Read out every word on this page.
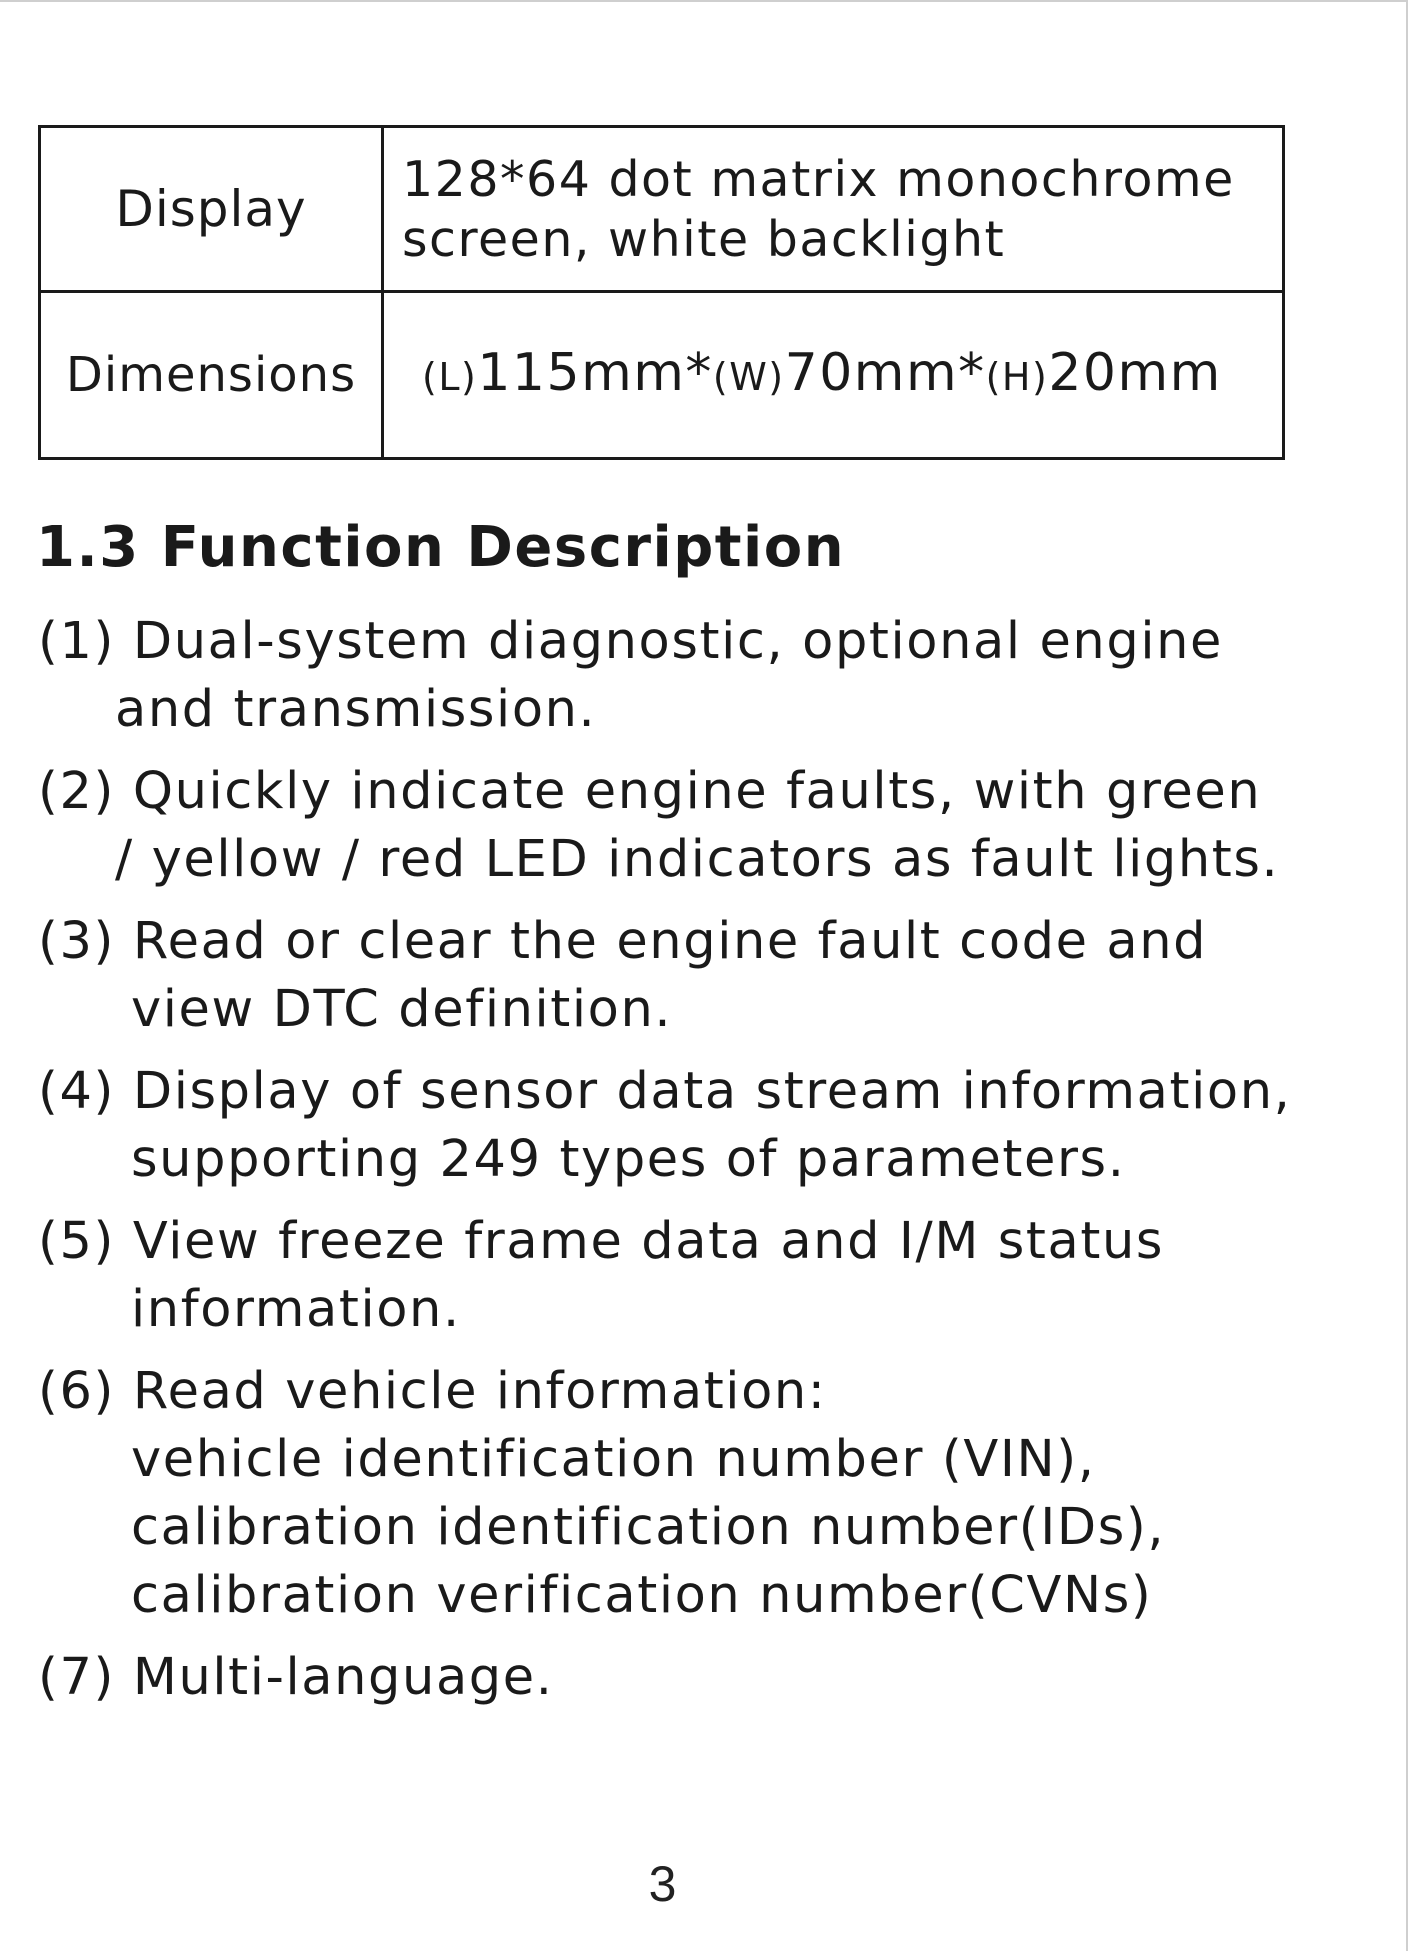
Display
128*64 dot matrix monochrome
screen, white backlight
Dimensions	(L)115mm*(W)70mm*(H)20mm
1.3 Function Description
(1) Dual-system diagnostic, optional engine
and transmission.
(2) Quickly indicate engine faults, with green
/ yellow / red LED indicators as fault lights.
(3) Read or clear the engine fault code and
view DTC definition.
(4) Display of sensor data stream information,
supporting 249 types of parameters.
(5) View freeze frame data and I/M status
information.
(6) Read vehicle information:
vehicle identification number (VIN),
calibration identification number(IDs),
calibration verification number(CVNs)
(7) Multi-language.
3
